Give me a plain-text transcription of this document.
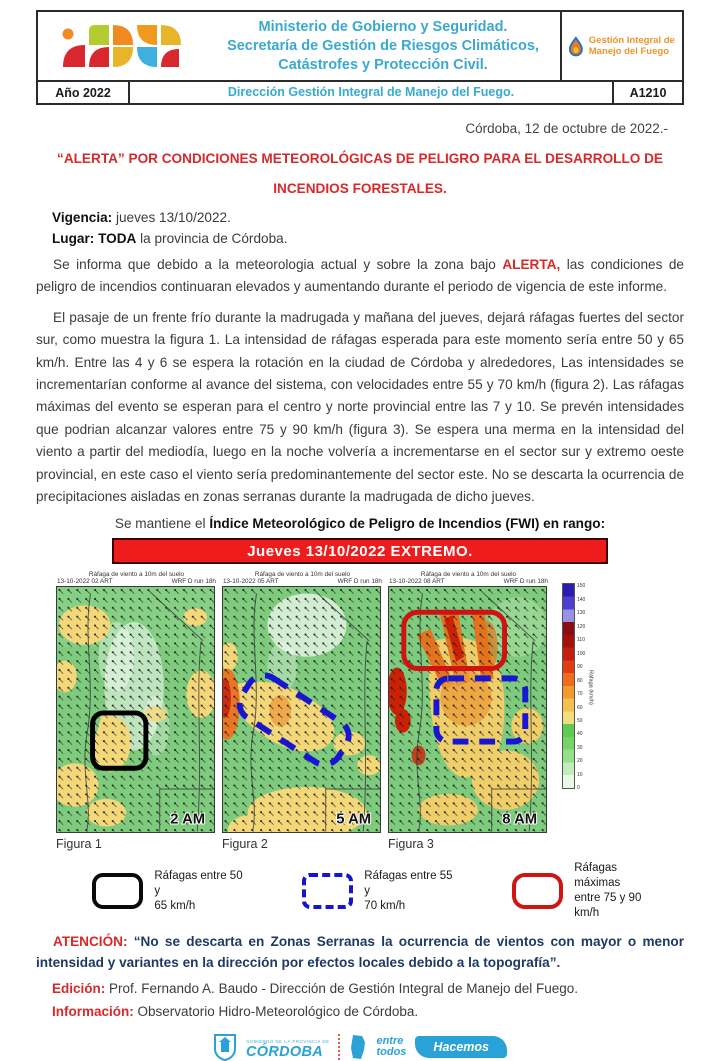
Ministerio de Gobierno y Seguridad.
Secretaría de Gestión de Riesgos Climáticos,
Catástrofes y Protección Civil.
Gestión Integral de Manejo del Fuego
Año 2022	Dirección Gestión Integral de Manejo del Fuego.	A1210
Córdoba, 12 de octubre de 2022.-
“ALERTA” POR CONDICIONES METEOROLÓGICAS DE PELIGRO PARA EL DESARROLLO DE
INCENDIOS FORESTALES.
Vigencia: jueves 13/10/2022.
Lugar: TODA la provincia de Córdoba.

Se informa que debido a la meteorologia actual y sobre la zona bajo ALERTA, las condiciones de peligro de incendios continuaran elevados y aumentando durante el periodo de vigencia de este informe.

El pasaje de un frente frío durante la madrugada y mañana del jueves, dejará ráfagas fuertes del sector sur, como muestra la figura 1. La intensidad de ráfagas esperada para este momento sería entre 50 y 65 km/h. Entre las 4 y 6 se espera la rotación en la ciudad de Córdoba y alrededores, Las intensidades se incrementarían conforme al avance del sistema, con velocidades entre 55 y 70 km/h (figura 2). Las ráfagas máximas del evento se esperan para el centro y norte provincial entre las 7 y 10. Se prevén intensidades que podrian alcanzar valores entre 75 y 90 km/h (figura 3). Se espera una merma en la intensidad del viento a partir del mediodía, luego en la noche volvería a incrementarse en el sector sur y extremo oeste provincial, en este caso el viento sería predominantemente del sector este. No se descarta la ocurrencia de precipitaciones aisladas en zonas serranas durante la madrugada de dicho jueves.

Se mantiene el Índice Meteorológico de Peligro de Incendios (FWI) en rango:
Jueves 13/10/2022 EXTREMO.
Ráfaga de viento a 10m del suelo
13-10-2022 02 ART	WRF D run 18h
2 AM
Figura 1
Ráfaga de viento a 10m del suelo
13-10-2022 05 ART	WRF D run 18h
5 AM
Figura 2
Ráfaga de viento a 10m del suelo
13-10-2022 08 ART	WRF D run 18h
8 AM
Figura 3
150
140
130
120
110
100
90
80
70
60
50
40
30
20
10
0
Ráfaga (km/h)
Ráfagas entre 50 y
65 km/h
Ráfagas entre 55 y
70 km/h
Ráfagas máximas
entre 75 y 90 km/h

ATENCIÓN: “No se descarta en Zonas Serranas la ocurrencia de vientos con mayor o menor intensidad y variantes en la dirección por efectos locales debido a la topografía”.

Edición: Prof. Fernando A. Baudo - Dirección de Gestión Integral de Manejo del Fuego.
Información: Observatorio Hidro-Meteorológico de Córdoba.
GOBIERNO DE LA PROVINCIA DE
CÓRDOBA
entre
todos	Hacemos
